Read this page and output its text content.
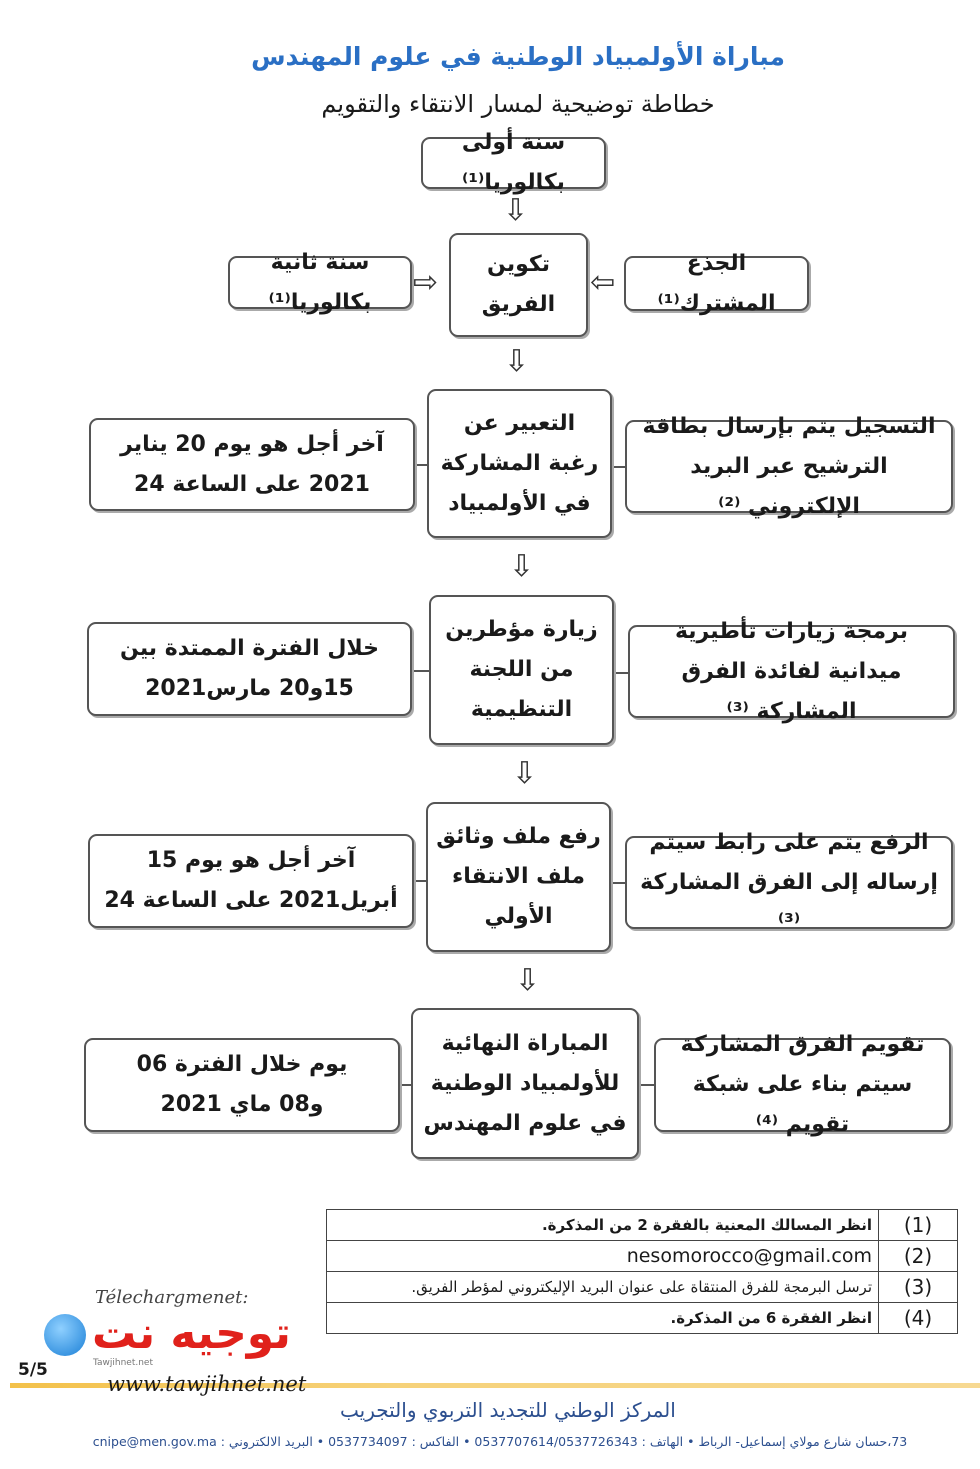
مباراة الأولمبياد الوطنية في علوم المهندس
خطاطة توضيحية لمسار الانتقاء والتقويم
سنة أولى بكالوريا⁽¹⁾
⇩
تكوين الفريق
سنة ثانية بكالوريا⁽¹⁾
الجذع المشترك⁽¹⁾
⇨	⇦
⇩
التعبير عن رغبة المشاركة في الأولمبياد
آخر أجل هو يوم 20 يناير 2021 على الساعة 24
التسجيل يتم بإرسال بطاقة الترشيح عبر البريد الإلكتروني ⁽²⁾
⇩
زيارة مؤطرين من اللجنة التنظيمية
خلال الفترة الممتدة بين 15و20 مارس2021
برمجة زيارات تأطيرية ميدانية لفائدة الفرق المشاركة ⁽³⁾
⇩
رفع ملف وثائق ملف الانتقاء الأولي
آخر أجل هو يوم 15 أبريل2021 على الساعة 24
الرفع يتم على رابط سيتم إرساله إلى الفرق المشاركة ⁽³⁾
⇩
المباراة النهائية للأولمبياد الوطنية في علوم المهندس
يوم خلال الفترة 06 و08 ماي 2021
تقويم الفرق المشاركة سيتم بناء على شبكة تقويم ⁽⁴⁾
(1)	انظر المسالك المعنية بالفقرة 2 من المذكرة.
(2)	nesomorocco@gmail.com
(3)	ترسل البرمجة للفرق المنتقاة على عنوان البريد الإليكتروني لمؤطر الفريق.
(4)	انظر الفقرة 6 من المذكرة.
Télechargmenet:
توجيه نت
Tawjihnet.net
5/5
www.tawjihnet.net
المركز الوطني للتجديد التربوي والتجريب
73،حسان شارع مولاي إسماعيل- الرباط • الهاتف : 0537707614/0537726343 • الفاكس : 0537734097 • البريد الالكتروني : cnipe@men.gov.ma
